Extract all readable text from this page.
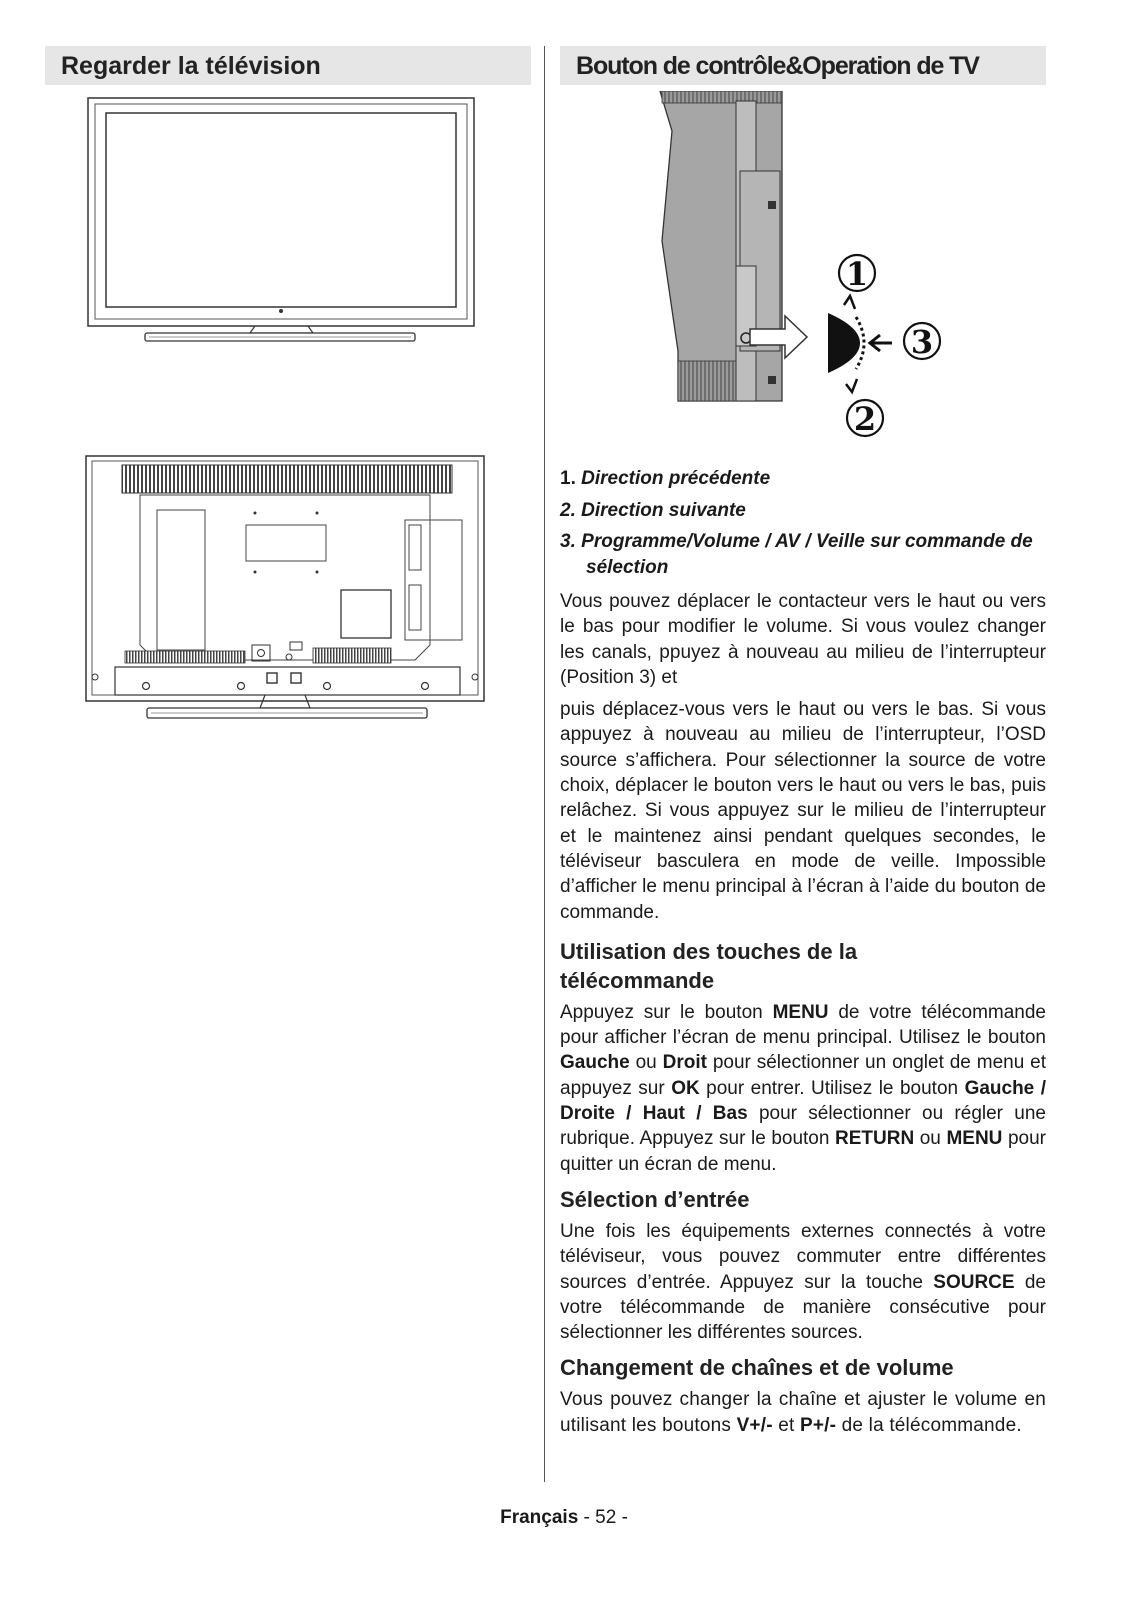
Regarder la télévision	Bouton de contrôle&Operation de TV
1
3
2
1. Direction précédente
2. Direction suivante
3. Programme/Volume / AV / Veille sur commande de sélection

Vous pouvez déplacer le contacteur vers le haut ou vers le bas pour modifier le volume. Si vous voulez changer les canals, ppuyez à nouveau au milieu de l’interrupteur (Position 3) et

puis déplacez-vous vers le haut ou vers le bas. Si vous appuyez à nouveau au milieu de l’interrupteur, l’OSD source s’affichera. Pour sélectionner la source de votre choix, déplacer le bouton vers le haut ou vers le bas, puis relâchez. Si vous appuyez sur le milieu de l’interrupteur et le maintenez ainsi pendant quelques secondes, le téléviseur basculera en mode de veille. Impossible d’afficher le menu principal à l’écran à l’aide du bouton de commande.

Utilisation des touches de la télécommande

Appuyez sur le bouton MENU de votre télécommande pour afficher l’écran de menu principal. Utilisez le bouton Gauche ou Droit pour sélectionner un onglet de menu et appuyez sur OK pour entrer. Utilisez le bouton Gauche / Droite / Haut / Bas pour sélectionner ou régler une rubrique. Appuyez sur le bouton RETURN ou MENU pour quitter un écran de menu.

Sélection d’entrée

Une fois les équipements externes connectés à votre téléviseur, vous pouvez commuter entre différentes sources d’entrée. Appuyez sur la touche SOURCE de votre télécommande de manière consécutive pour sélectionner les différentes sources.

Changement de chaînes et de volume

Vous pouvez changer la chaîne et ajuster le volume en utilisant les boutons V+/- et P+/- de la télécommande.

Français - 52 -
